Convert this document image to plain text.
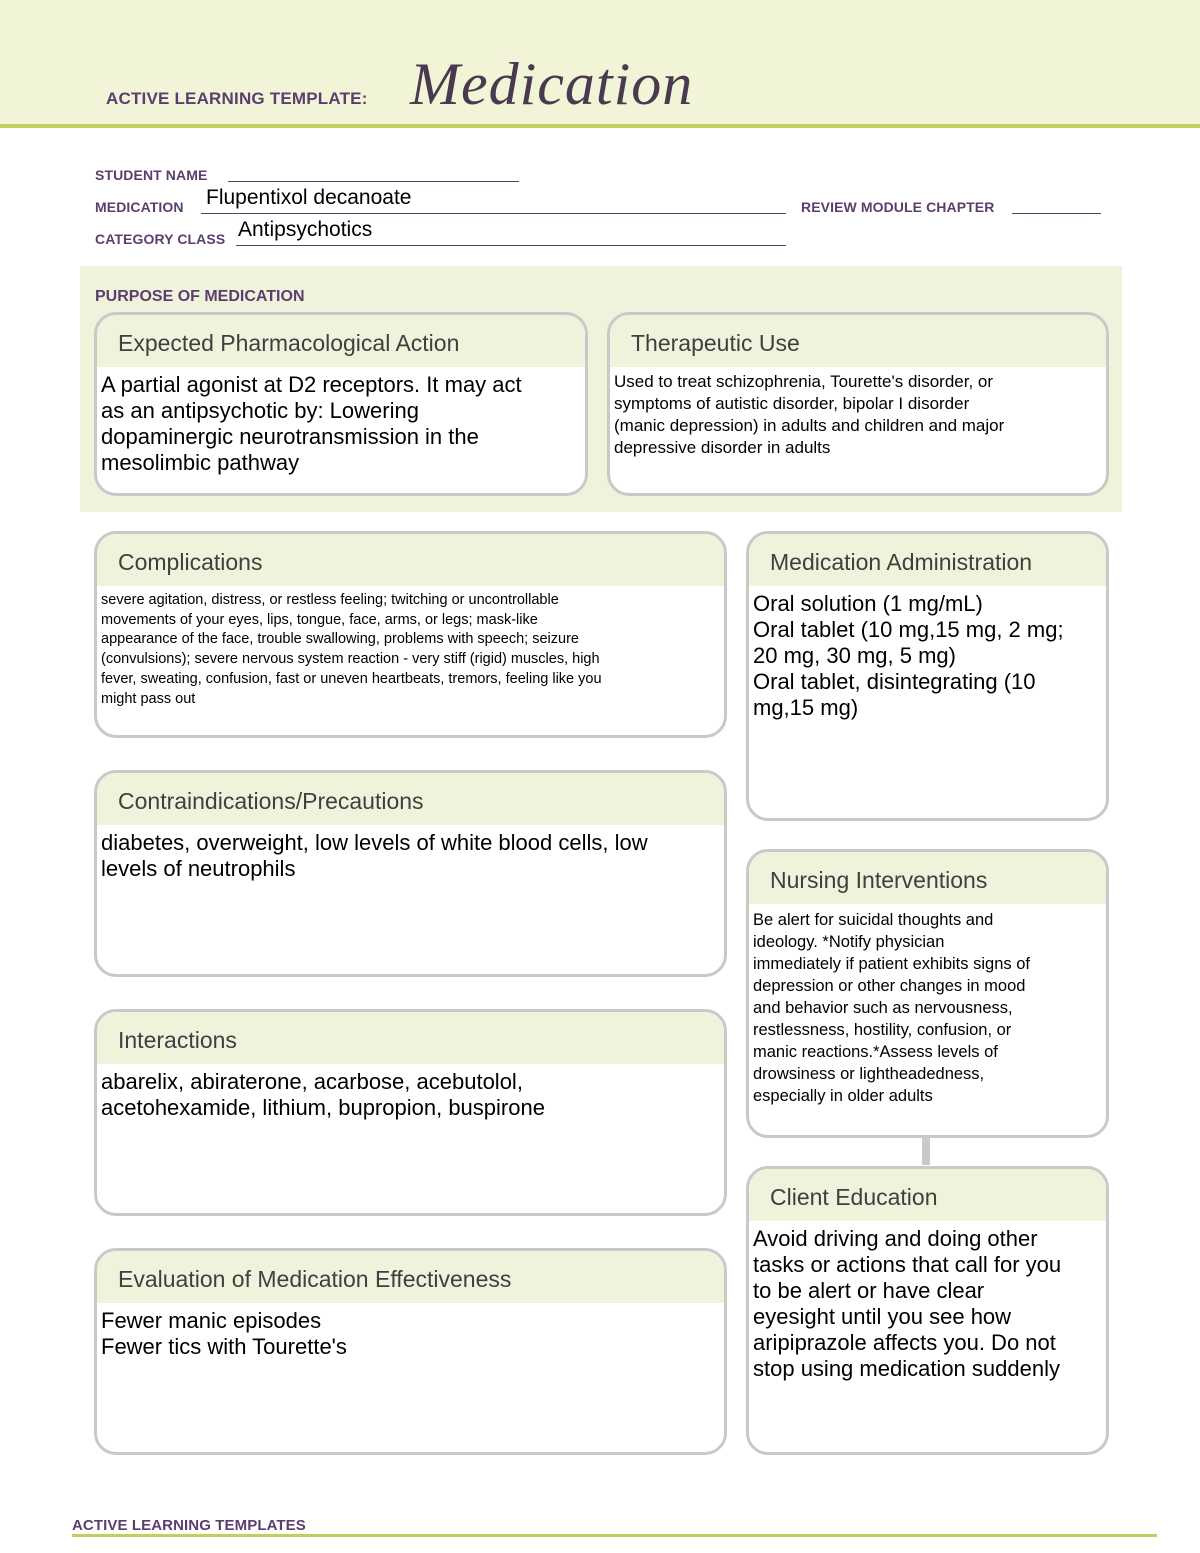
ACTIVE LEARNING TEMPLATE: Medication
STUDENT NAME
MEDICATION Flupentixol decanoate	REVIEW MODULE CHAPTER
CATEGORY CLASS Antipsychotics
PURPOSE OF MEDICATION
Expected Pharmacological Action
A partial agonist at D2 receptors. It may act
as an antipsychotic by: Lowering
dopaminergic neurotransmission in the
mesolimbic pathway
Therapeutic Use
Used to treat schizophrenia, Tourette's disorder, or
symptoms of autistic disorder, bipolar I disorder
(manic depression) in adults and children and major
depressive disorder in adults
Complications
severe agitation, distress, or restless feeling; twitching or uncontrollable
movements of your eyes, lips, tongue, face, arms, or legs; mask-like
appearance of the face, trouble swallowing, problems with speech; seizure
(convulsions); severe nervous system reaction - very stiff (rigid) muscles, high
fever, sweating, confusion, fast or uneven heartbeats, tremors, feeling like you
might pass out
Contraindications/Precautions
diabetes, overweight, low levels of white blood cells, low
levels of neutrophils
Interactions
abarelix, abiraterone, acarbose, acebutolol,
acetohexamide, lithium, bupropion, buspirone
Evaluation of Medication Effectiveness
Fewer manic episodes
Fewer tics with Tourette's
Medication Administration
Oral solution (1 mg/mL)
Oral tablet (10 mg,15 mg, 2 mg;
20 mg, 30 mg, 5 mg)
Oral tablet, disintegrating (10
mg,15 mg)
Nursing Interventions
Be alert for suicidal thoughts and
ideology. *Notify physician
immediately if patient exhibits signs of
depression or other changes in mood
and behavior such as nervousness,
restlessness, hostility, confusion, or
manic reactions.*Assess levels of
drowsiness or lightheadedness,
especially in older adults
Client Education
Avoid driving and doing other
tasks or actions that call for you
to be alert or have clear
eyesight until you see how
aripiprazole affects you. Do not
stop using medication suddenly
ACTIVE LEARNING TEMPLATES
